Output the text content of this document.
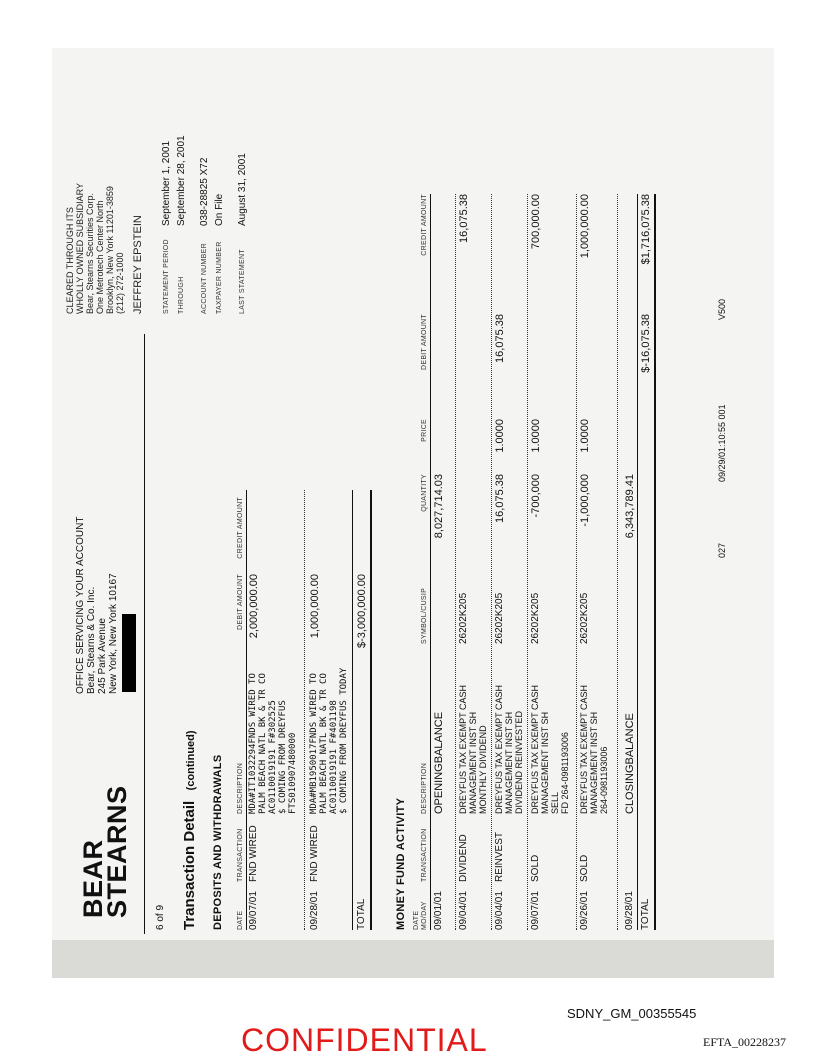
BEAR
STEARNS
OFFICE SERVICING YOUR ACCOUNT Bear, Stearns & Co. Inc. 245 Park Avenue New York, New York 10167
CLEARED THROUGH ITS WHOLLY OWNED SUBSIDIARY Bear, Stearns Securities Corp. One Metrotech Center North Brooklyn, New York 11201-3859 (212) 272-1000 JEFFREY EPSTEIN
6 of 9
STATEMENT PERIOD
September 1, 2001
THROUGH
September 28, 2001
ACCOUNT NUMBER
038-28825 X72
TAXPAYER NUMBER
On File
LAST STATEMENT
August 31, 2001
Transaction Detail (continued) DEPOSITS AND WITHDRAWALS DATE
TRANSACTION
DESCRIPTION
DEBIT AMOUNT
CREDIT AMOUNT
09/07/01
FND WIRED
MDA#IT1032294FNDS WIRED TO PALM BEACH NATL BK & TR CO AC0110019191 F#302525 $ COMING FROM DREYFUS FTS010907480000
2,000,000.00
09/28/01
FND WIRED
MDA#MB1950017FNDS WIRED TO PALM BEACH NATL BK & TR CO AC0110019191 F#401198 $ COMING FROM DREYFUS TODAY
1,000,000.00
TOTAL
$-3,000,000.00
MONEY FUND ACTIVITY DATE MO/DAY
TRANSACTION
DESCRIPTION
SYMBOL/CUSIP
QUANTITY
PRICE
DEBIT AMOUNT
CREDIT AMOUNT
09/01/01
OPENINGBALANCE
8,027,714.03
09/04/01
DIVIDEND
DREYFUS TAX EXEMPT CASH MANAGEMENT INST SH MONTHLY DIVIDEND
26202K205
16,075.38
09/04/01
REINVEST
DREYFUS TAX EXEMPT CASH MANAGEMENT INST SH DIVIDEND REINVESTED
26202K205
16,075.38
1.0000
16,075.38
09/07/01
SOLD
DREYFUS TAX EXEMPT CASH MANAGEMENT INST SH SELL FD 264-0981193006
26202K205
-700,000
1.0000
700,000.00
09/26/01
SOLD
DREYFUS TAX EXEMPT CASH MANAGEMENT INST SH 264-0981193006
26202K205
-1,000,000
1.0000
1,000,000.00
09/28/01
CLOSINGBALANCE
6,343,789.41
TOTAL
$-16,075.38
$1,716,075.38
027
09/29/01:10:55 001
V500
CONFIDENTIAL
SDNY_GM_00355545
EFTA_00228237
